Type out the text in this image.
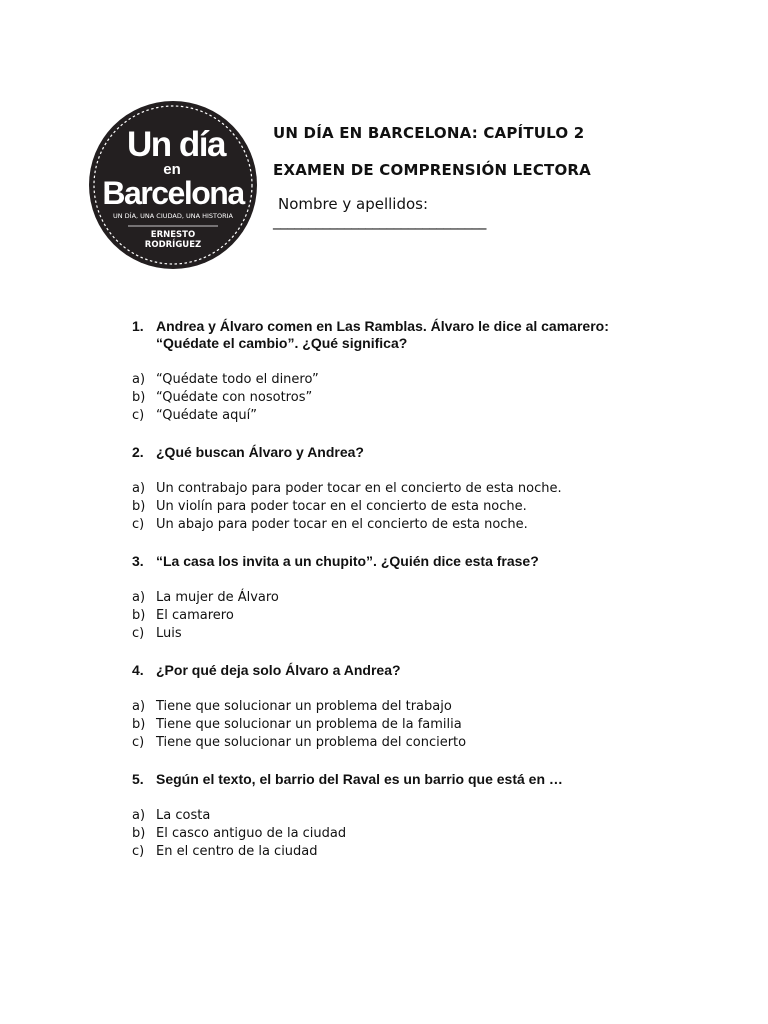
Un día
en
Barcelona
UN DÍA, UNA CIUDAD, UNA HISTORIA
ERNESTO
RODRÍGUEZ

UN DÍA EN BARCELONA: CAPÍTULO 2

EXAMEN DE COMPRENSIÓN LECTORA

Nombre y apellidos:

______________________________

1. Andrea y Álvaro comen en Las Ramblas. Álvaro le dice al camarero: “Quédate el cambio”. ¿Qué significa?
a) “Quédate todo el dinero”
b) “Quédate con nosotros”
c) “Quédate aquí”
2. ¿Qué buscan Álvaro y Andrea?
a) Un contrabajo para poder tocar en el concierto de esta noche.
b) Un violín para poder tocar en el concierto de esta noche.
c) Un abajo para poder tocar en el concierto de esta noche.
3. “La casa los invita a un chupito”. ¿Quién dice esta frase?
a) La mujer de Álvaro
b) El camarero
c) Luis
4. ¿Por qué deja solo Álvaro a Andrea?
a) Tiene que solucionar un problema del trabajo
b) Tiene que solucionar un problema de la familia
c) Tiene que solucionar un problema del concierto
5. Según el texto, el barrio del Raval es un barrio que está en …
a) La costa
b) El casco antiguo de la ciudad
c) En el centro de la ciudad
